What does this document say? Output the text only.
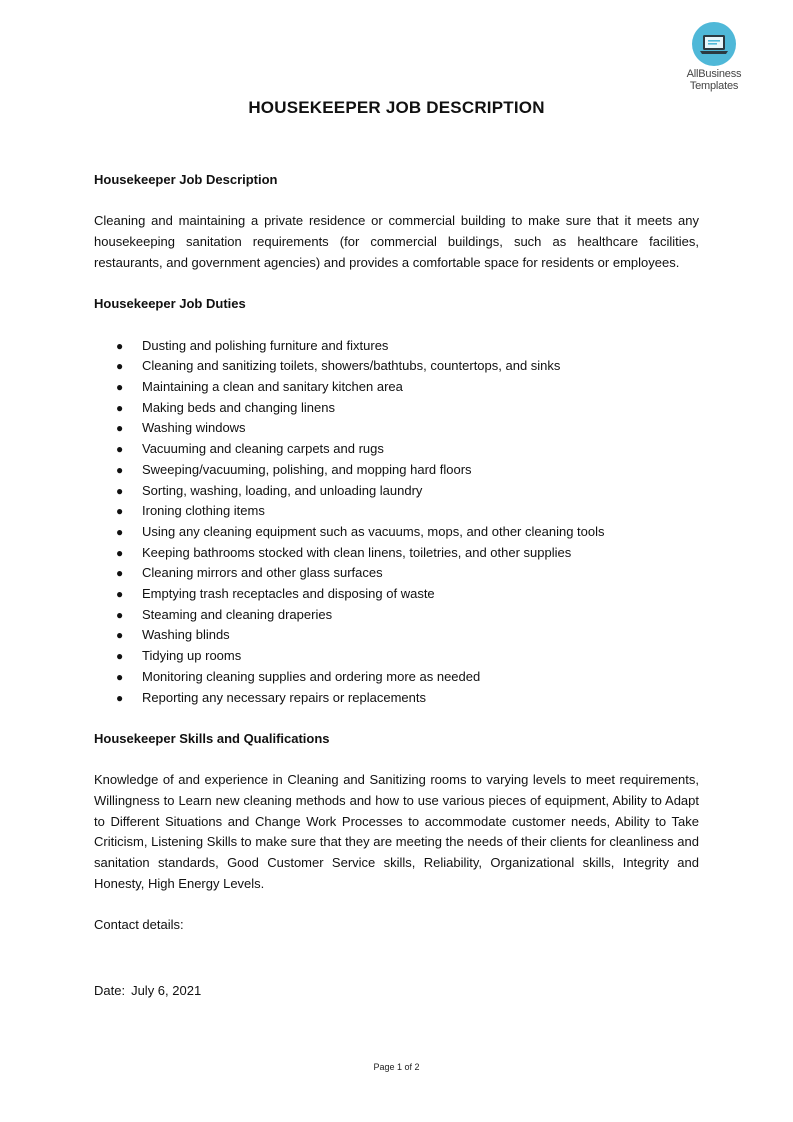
AllBusiness
Templates
HOUSEKEEPER JOB DESCRIPTION

Housekeeper Job Description

Cleaning and maintaining a private residence or commercial building to make sure that it meets any housekeeping sanitation requirements (for commercial buildings, such as healthcare facilities, restaurants, and government agencies) and provides a comfortable space for residents or employees.

Housekeeper Job Duties

● Dusting and polishing furniture and fixtures
● Cleaning and sanitizing toilets, showers/bathtubs, countertops, and sinks
● Maintaining a clean and sanitary kitchen area
● Making beds and changing linens
● Washing windows
● Vacuuming and cleaning carpets and rugs
● Sweeping/vacuuming, polishing, and mopping hard floors
● Sorting, washing, loading, and unloading laundry
● Ironing clothing items
● Using any cleaning equipment such as vacuums, mops, and other cleaning tools
● Keeping bathrooms stocked with clean linens, toiletries, and other supplies
● Cleaning mirrors and other glass surfaces
● Emptying trash receptacles and disposing of waste
● Steaming and cleaning draperies
● Washing blinds
● Tidying up rooms
● Monitoring cleaning supplies and ordering more as needed
● Reporting any necessary repairs or replacements

Housekeeper Skills and Qualifications

Knowledge of and experience in Cleaning and Sanitizing rooms to varying levels to meet requirements, Willingness to Learn new cleaning methods and how to use various pieces of equipment, Ability to Adapt to Different Situations and Change Work Processes to accommodate customer needs, Ability to Take Criticism, Listening Skills to make sure that they are meeting the needs of their clients for cleanliness and sanitation standards, Good Customer Service skills, Reliability, Organizational skills, Integrity and Honesty, High Energy Levels.

Contact details:

Date: July 6, 2021
Page 1 of 2
